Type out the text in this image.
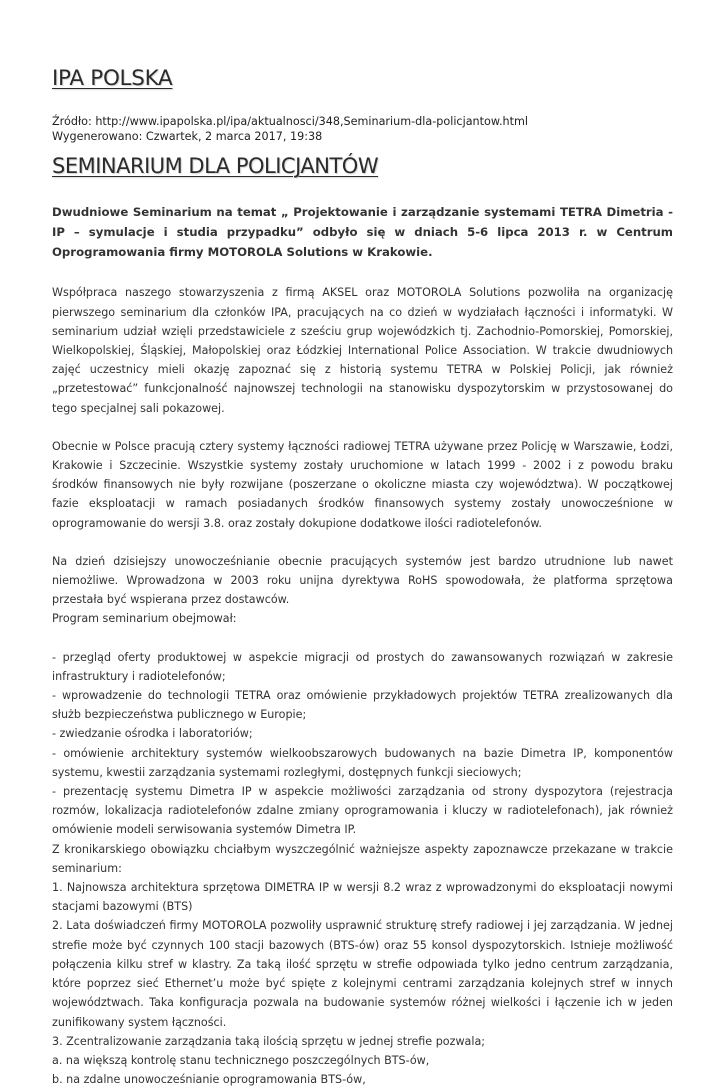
IPA POLSKA
Źródło: http://www.ipapolska.pl/ipa/aktualnosci/348,Seminarium-dla-policjantow.html
Wygenerowano: Czwartek, 2 marca 2017, 19:38
SEMINARIUM DLA POLICJANTÓW

Dwudniowe Seminarium na temat „ Projektowanie i zarządzanie systemami TETRA Dimetria -IP – symulacje i studia przypadku” odbyło się w dniach 5-6 lipca 2013 r. w Centrum Oprogramowania firmy MOTOROLA Solutions w Krakowie.

Współpraca naszego stowarzyszenia z firmą AKSEL oraz MOTOROLA Solutions pozwoliła na organizację pierwszego seminarium dla członków IPA, pracujących na co dzień w wydziałach łączności i informatyki. W seminarium udział wzięli przedstawiciele z sześciu grup wojewódzkich tj. Zachodnio-Pomorskiej, Pomorskiej, Wielkopolskiej, Śląskiej, Małopolskiej oraz Łódzkiej International Police Association. W trakcie dwudniowych zajęć uczestnicy mieli okazję zapoznać się z historią systemu TETRA w Polskiej Policji, jak również „przetestować” funkcjonalność najnowszej technologii na stanowisku dyspozytorskim w przystosowanej do tego specjalnej sali pokazowej.

Obecnie w Polsce pracują cztery systemy łączności radiowej TETRA używane przez Policję w Warszawie, Łodzi, Krakowie i Szczecinie. Wszystkie systemy zostały uruchomione w latach 1999 - 2002 i z powodu braku środków finansowych nie były rozwijane (poszerzane o okoliczne miasta czy województwa). W początkowej fazie eksploatacji w ramach posiadanych środków finansowych systemy zostały unowocześnione w oprogramowanie do wersji 3.8. oraz zostały dokupione dodatkowe ilości radiotelefonów.

Na dzień dzisiejszy unowocześnianie obecnie pracujących systemów jest bardzo utrudnione lub nawet niemożliwe. Wprowadzona w 2003 roku unijna dyrektywa RoHS spowodowała, że platforma sprzętowa przestała być wspierana przez dostawców.

Program seminarium obejmował:

- przegląd oferty produktowej w aspekcie migracji od prostych do zawansowanych rozwiązań w zakresie infrastruktury i radiotelefonów;

- wprowadzenie do technologii TETRA oraz omówienie przykładowych projektów TETRA zrealizowanych dla służb bezpieczeństwa publicznego w Europie;

- zwiedzanie ośrodka i laboratoriów;

- omówienie architektury systemów wielkoobszarowych budowanych na bazie Dimetra IP, komponentów systemu, kwestii zarządzania systemami rozległymi, dostępnych funkcji sieciowych;

- prezentację systemu Dimetra IP w aspekcie możliwości zarządzania od strony dyspozytora (rejestracja rozmów, lokalizacja radiotelefonów zdalne zmiany oprogramowania i kluczy w radiotelefonach), jak również omówienie modeli serwisowania systemów Dimetra IP.

Z kronikarskiego obowiązku chciałbym wyszczególnić ważniejsze aspekty zapoznawcze przekazane w trakcie seminarium:

1. Najnowsza architektura sprzętowa DIMETRA IP w wersji 8.2 wraz z wprowadzonymi do eksploatacji nowymi stacjami bazowymi (BTS)

2. Lata doświadczeń firmy MOTOROLA pozwoliły usprawnić strukturę strefy radiowej i jej zarządzania. W jednej strefie może być czynnych 100 stacji bazowych (BTS-ów) oraz 55 konsol dyspozytorskich. Istnieje możliwość połączenia kilku stref w klastry. Za taką ilość sprzętu w strefie odpowiada tylko jedno centrum zarządzania, które poprzez sieć Ethernet’u może być spięte z kolejnymi centrami zarządzania kolejnych stref w innych województwach. Taka konfiguracja pozwala na budowanie systemów różnej wielkości i łączenie ich w jeden zunifikowany system łączności.

3. Zcentralizowanie zarządzania taką ilością sprzętu w jednej strefie pozwala;

a. na większą kontrolę stanu technicznego poszczególnych BTS-ów,

b. na zdalne unowocześnianie oprogramowania BTS-ów,
